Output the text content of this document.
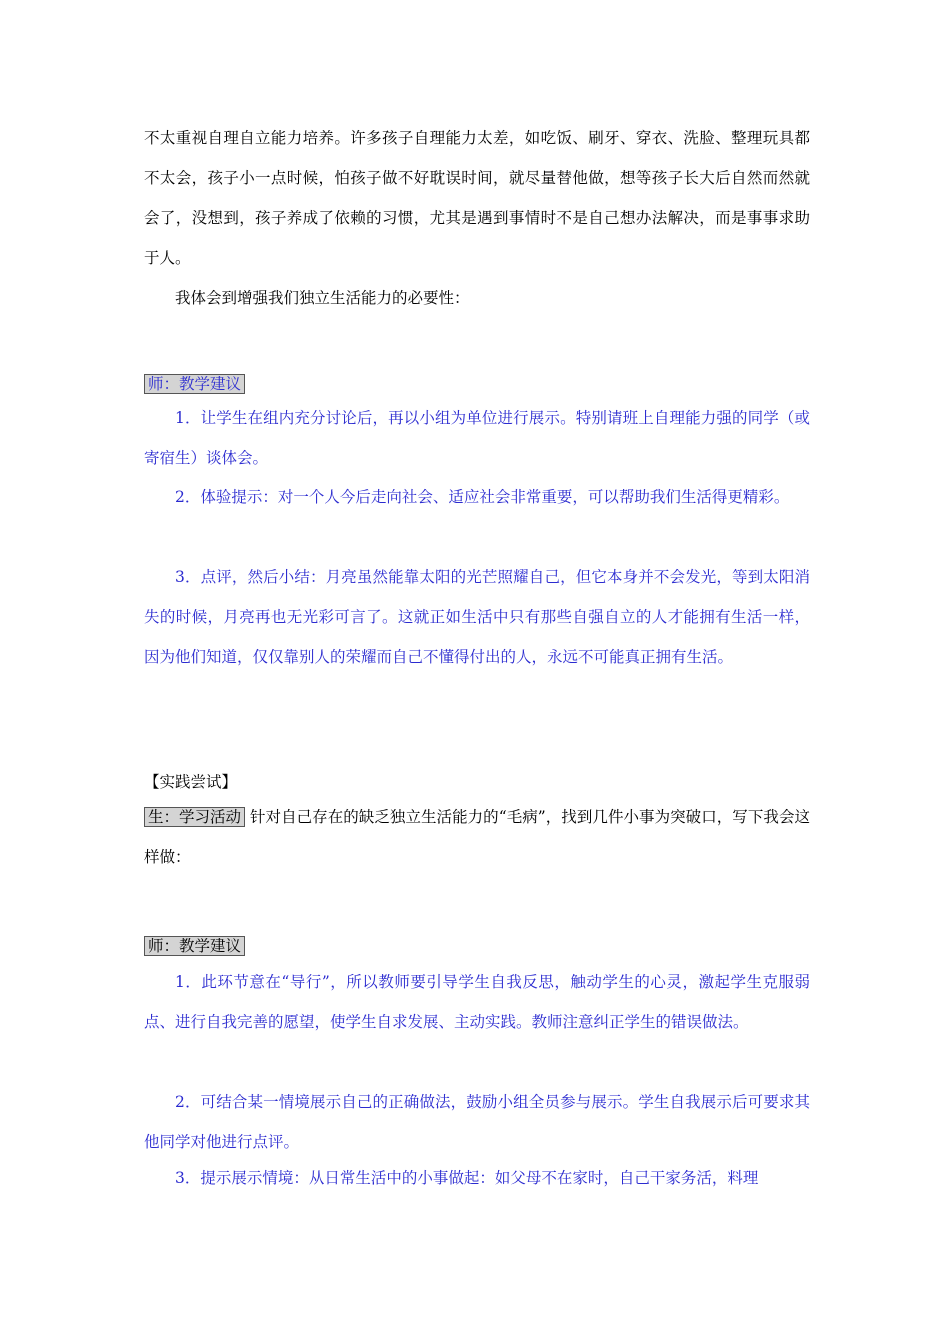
不太重视自理自立能力培养。许多孩子自理能力太差，如吃饭、刷牙、穿衣、洗脸、整理玩具都不太会，孩子小一点时候，怕孩子做不好耽误时间，就尽量替他做，想等孩子长大后自然而然就会了，没想到，孩子养成了依赖的习惯，尤其是遇到事情时不是自己想办法解决，而是事事求助于人。

我体会到增强我们独立生活能力的必要性：

师：教学建议

1．让学生在组内充分讨论后，再以小组为单位进行展示。特别请班上自理能力强的同学（或寄宿生）谈体会。

2．体验提示：对一个人今后走向社会、适应社会非常重要，可以帮助我们生活得更精彩。

3．点评，然后小结：月亮虽然能靠太阳的光芒照耀自己，但它本身并不会发光，等到太阳消失的时候，月亮再也无光彩可言了。这就正如生活中只有那些自强自立的人才能拥有生活一样，因为他们知道，仅仅靠别人的荣耀而自己不懂得付出的人，永远不可能真正拥有生活。

【实践尝试】

生：学习活动 针对自己存在的缺乏独立生活能力的“毛病”，找到几件小事为突破口，写下我会这样做：

师：教学建议

1．此环节意在“导行”，所以教师要引导学生自我反思，触动学生的心灵，激起学生克服弱点、进行自我完善的愿望，使学生自求发展、主动实践。教师注意纠正学生的错误做法。

2．可结合某一情境展示自己的正确做法，鼓励小组全员参与展示。学生自我展示后可要求其他同学对他进行点评。

3．提示展示情境：从日常生活中的小事做起：如父母不在家时，自己干家务活，料理
